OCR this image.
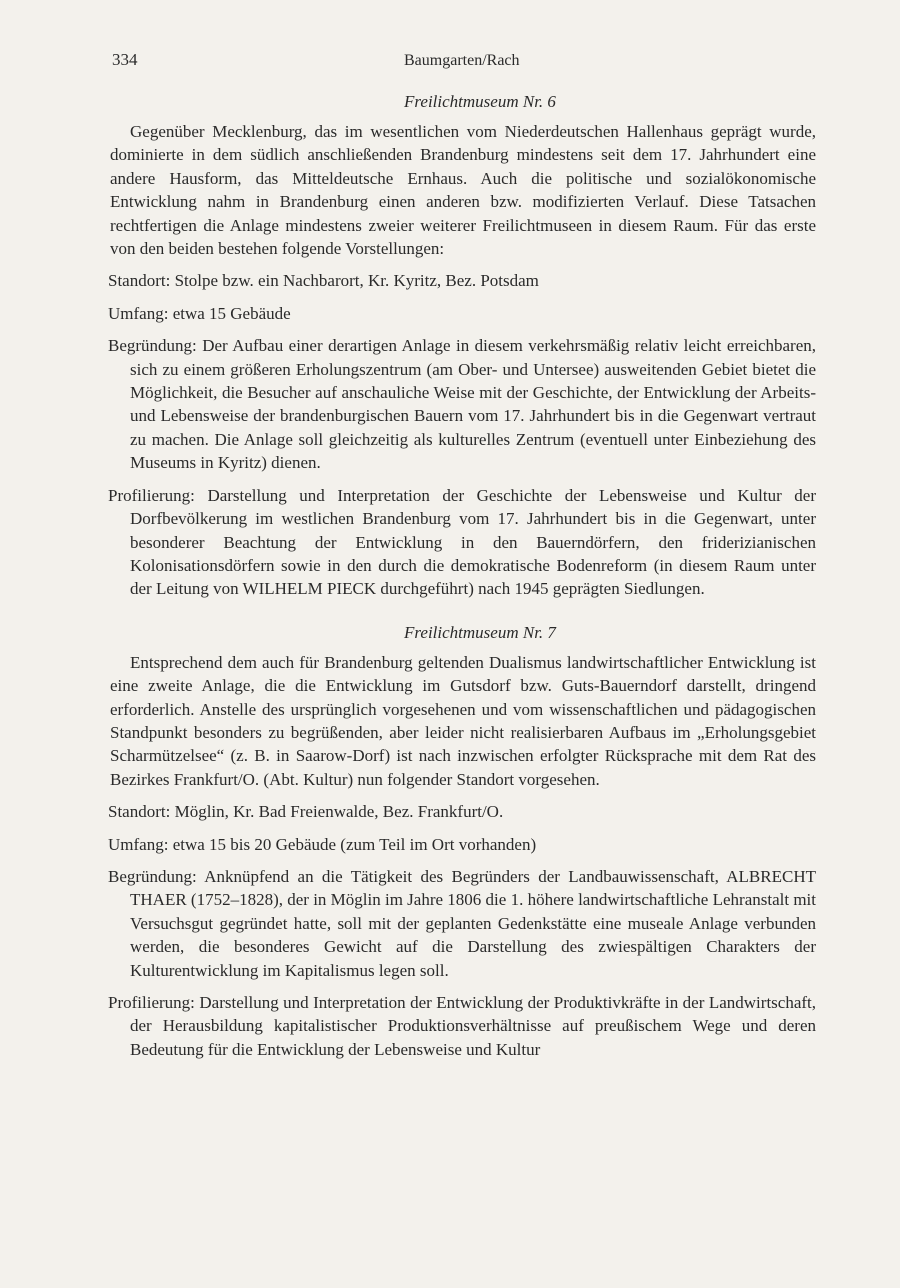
334	Baumgarten/Rach
Freilichtmuseum Nr. 6

Gegenüber Mecklenburg, das im wesentlichen vom Niederdeutschen Hallenhaus geprägt wurde, dominierte in dem südlich anschließenden Brandenburg mindestens seit dem 17. Jahrhundert eine andere Hausform, das Mitteldeutsche Ernhaus. Auch die politische und sozialökonomische Entwicklung nahm in Brandenburg einen anderen bzw. modifizierten Verlauf. Diese Tatsachen rechtfertigen die Anlage mindestens zweier weiterer Freilichtmuseen in diesem Raum. Für das erste von den beiden bestehen folgende Vorstellungen:

Standort: Stolpe bzw. ein Nachbarort, Kr. Kyritz, Bez. Potsdam
Umfang: etwa 15 Gebäude
Begründung: Der Aufbau einer derartigen Anlage in diesem verkehrsmäßig relativ leicht erreichbaren, sich zu einem größeren Erholungszentrum (am Ober- und Untersee) ausweitenden Gebiet bietet die Möglichkeit, die Besucher auf anschauliche Weise mit der Geschichte, der Entwicklung der Arbeits- und Lebensweise der brandenburgischen Bauern vom 17. Jahrhundert bis in die Gegenwart vertraut zu machen. Die Anlage soll gleichzeitig als kulturelles Zentrum (eventuell unter Einbeziehung des Museums in Kyritz) dienen.
Profilierung: Darstellung und Interpretation der Geschichte der Lebensweise und Kultur der Dorfbevölkerung im westlichen Brandenburg vom 17. Jahrhundert bis in die Gegenwart, unter besonderer Beachtung der Entwicklung in den Bauerndörfern, den friderizianischen Kolonisationsdörfern sowie in den durch die demokratische Bodenreform (in diesem Raum unter der Leitung von WILHELM PIECK durchgeführt) nach 1945 geprägten Siedlungen.
Freilichtmuseum Nr. 7

Entsprechend dem auch für Brandenburg geltenden Dualismus landwirtschaftlicher Entwicklung ist eine zweite Anlage, die die Entwicklung im Gutsdorf bzw. Guts-Bauerndorf darstellt, dringend erforderlich. Anstelle des ursprünglich vorgesehenen und vom wissenschaftlichen und pädagogischen Standpunkt besonders zu begrüßenden, aber leider nicht realisierbaren Aufbaus im „Erholungsgebiet Scharmützelsee“ (z. B. in Saarow-Dorf) ist nach inzwischen erfolgter Rücksprache mit dem Rat des Bezirkes Frankfurt/O. (Abt. Kultur) nun folgender Standort vorgesehen.

Standort: Möglin, Kr. Bad Freienwalde, Bez. Frankfurt/O.
Umfang: etwa 15 bis 20 Gebäude (zum Teil im Ort vorhanden)
Begründung: Anknüpfend an die Tätigkeit des Begründers der Landbauwissenschaft, ALBRECHT THAER (1752–1828), der in Möglin im Jahre 1806 die 1. höhere landwirtschaftliche Lehranstalt mit Versuchsgut gegründet hatte, soll mit der geplanten Gedenkstätte eine museale Anlage verbunden werden, die besonderes Gewicht auf die Darstellung des zwiespältigen Charakters der Kulturentwicklung im Kapitalismus legen soll.
Profilierung: Darstellung und Interpretation der Entwicklung der Produktivkräfte in der Landwirtschaft, der Herausbildung kapitalistischer Produktionsverhältnisse auf preußischem Wege und deren Bedeutung für die Entwicklung der Lebensweise und Kultur
